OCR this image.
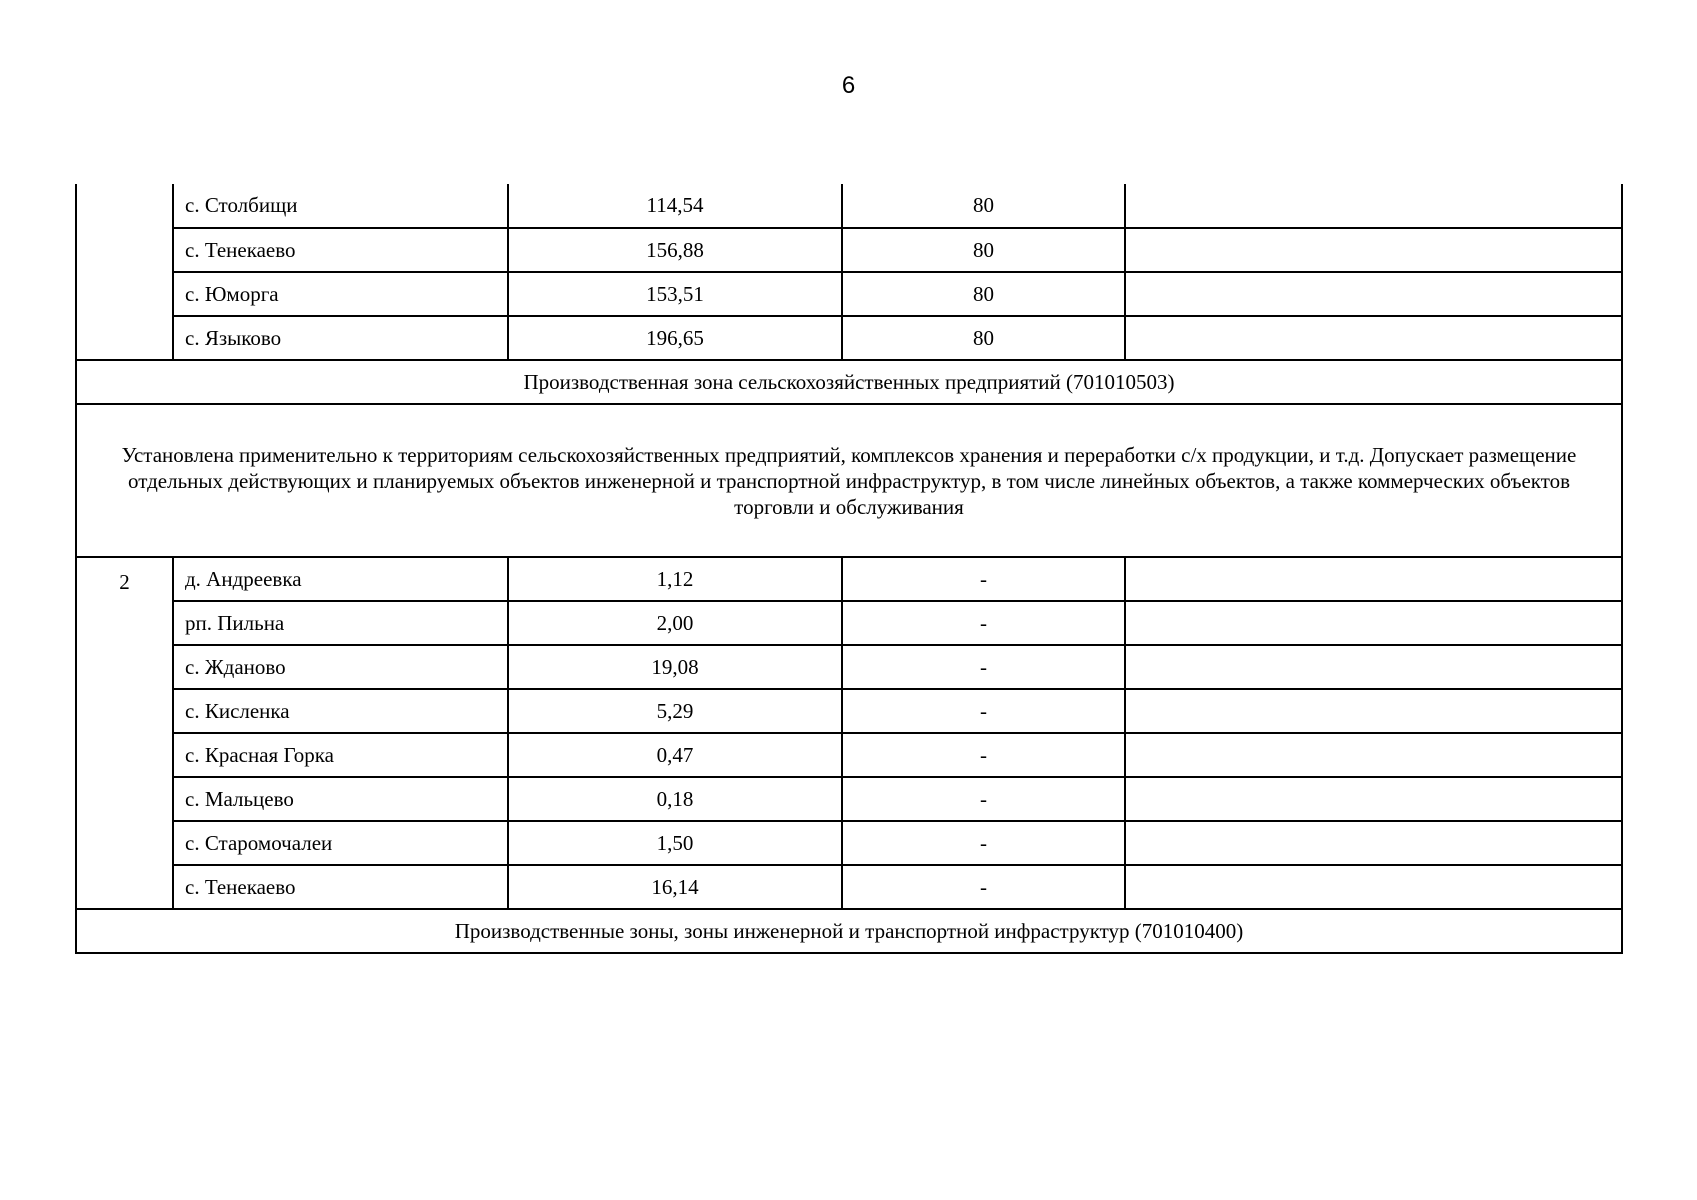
6
	с. Столбищи	114,54	80	
	с. Тенекаево	156,88	80	
	с. Юморга	153,51	80	
	с. Языково	196,65	80	
Производственная зона сельскохозяйственных предприятий (701010503)				
Установлена применительно к территориям сельскохозяйственных предприятий, комплексов хранения и переработки с/х продукции, и т.д. Допускает размещение отдельных действующих и планируемых объектов инженерной и транспортной инфраструктур, в том числе линейных объектов, а также коммерческих объектов торговли и обслуживания				
2	д. Андреевка	1,12	-	
	рп. Пильна	2,00	-	
	с. Жданово	19,08	-	
	с. Кисленка	5,29	-	
	с. Красная Горка	0,47	-	
	с. Мальцево	0,18	-	
	с. Старомочалеи	1,50	-	
	с. Тенекаево	16,14	-	
Производственные зоны, зоны инженерной и транспортной инфраструктур (701010400)				
